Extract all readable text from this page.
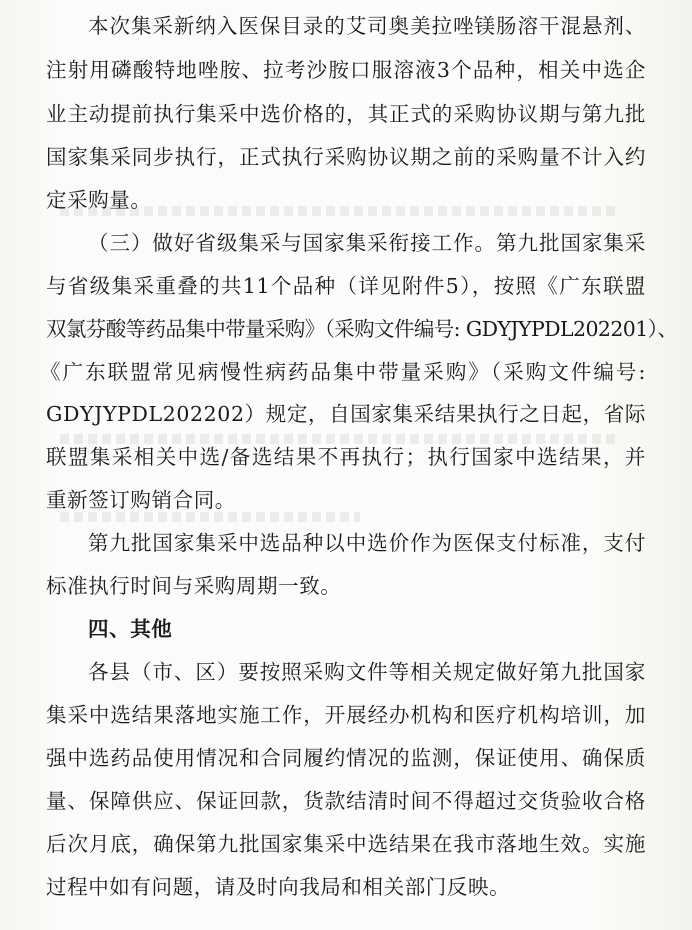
本次集采新纳入医保目录的艾司奥美拉唑镁肠溶干混悬剂、
注射用磷酸特地唑胺、拉考沙胺口服溶液3个品种，相关中选企
业主动提前执行集采中选价格的，其正式的采购协议期与第九批
国家集采同步执行，正式执行采购协议期之前的采购量不计入约
定采购量。
（三）做好省级集采与国家集采衔接工作。第九批国家集采
与省级集采重叠的共11个品种（详见附件5），按照《广东联盟
双氯芬酸等药品集中带量采购》（采购文件编号: GDYJYPDL202201）、
《广东联盟常见病慢性病药品集中带量采购》（采购文件编号:
GDYJYPDL202202）规定，自国家集采结果执行之日起，省际
联盟集采相关中选/备选结果不再执行；执行国家中选结果，并
重新签订购销合同。
第九批国家集采中选品种以中选价作为医保支付标准，支付
标准执行时间与采购周期一致。
四、其他
各县（市、区）要按照采购文件等相关规定做好第九批国家
集采中选结果落地实施工作，开展经办机构和医疗机构培训，加
强中选药品使用情况和合同履约情况的监测，保证使用、确保质
量、保障供应、保证回款，货款结清时间不得超过交货验收合格
后次月底，确保第九批国家集采中选结果在我市落地生效。实施
过程中如有问题，请及时向我局和相关部门反映。
